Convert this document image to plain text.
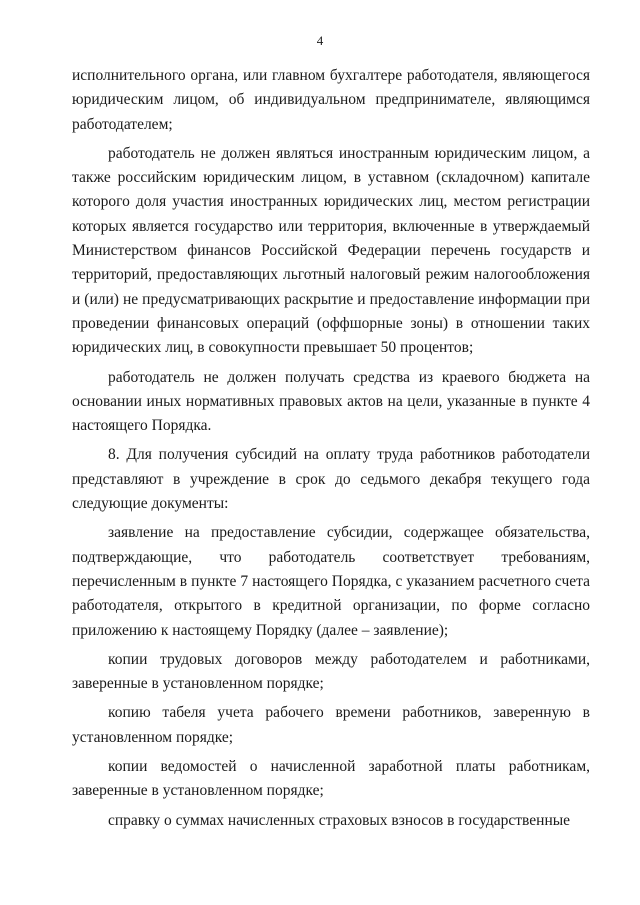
4

исполнительного органа, или главном бухгалтере работодателя, являющегося юридическим лицом, об индивидуальном предпринимателе, являющимся работодателем;

работодатель не должен являться иностранным юридическим лицом, а также российским юридическим лицом, в уставном (складочном) капитале которого доля участия иностранных юридических лиц, местом регистрации которых является государство или территория, включенные в утверждаемый Министерством финансов Российской Федерации перечень государств и территорий, предоставляющих льготный налоговый режим налогообложения и (или) не предусматривающих раскрытие и предоставление информации при проведении финансовых операций (оффшорные зоны) в отношении таких юридических лиц, в совокупности превышает 50 процентов;

работодатель не должен получать средства из краевого бюджета на основании иных нормативных правовых актов на цели, указанные в пункте 4 настоящего Порядка.

8. Для получения субсидий на оплату труда работников работодатели представляют в учреждение в срок до седьмого декабря текущего года следующие документы:

заявление на предоставление субсидии, содержащее обязательства, подтверждающие, что работодатель соответствует требованиям, перечисленным в пункте 7 настоящего Порядка, с указанием расчетного счета работодателя, открытого в кредитной организации, по форме согласно приложению к настоящему Порядку (далее – заявление);

копии трудовых договоров между работодателем и работниками, заверенные в установленном порядке;

копию табеля учета рабочего времени работников, заверенную в установленном порядке;

копии ведомостей о начисленной заработной платы работникам, заверенные в установленном порядке;

справку о суммах начисленных страховых взносов в государственные
